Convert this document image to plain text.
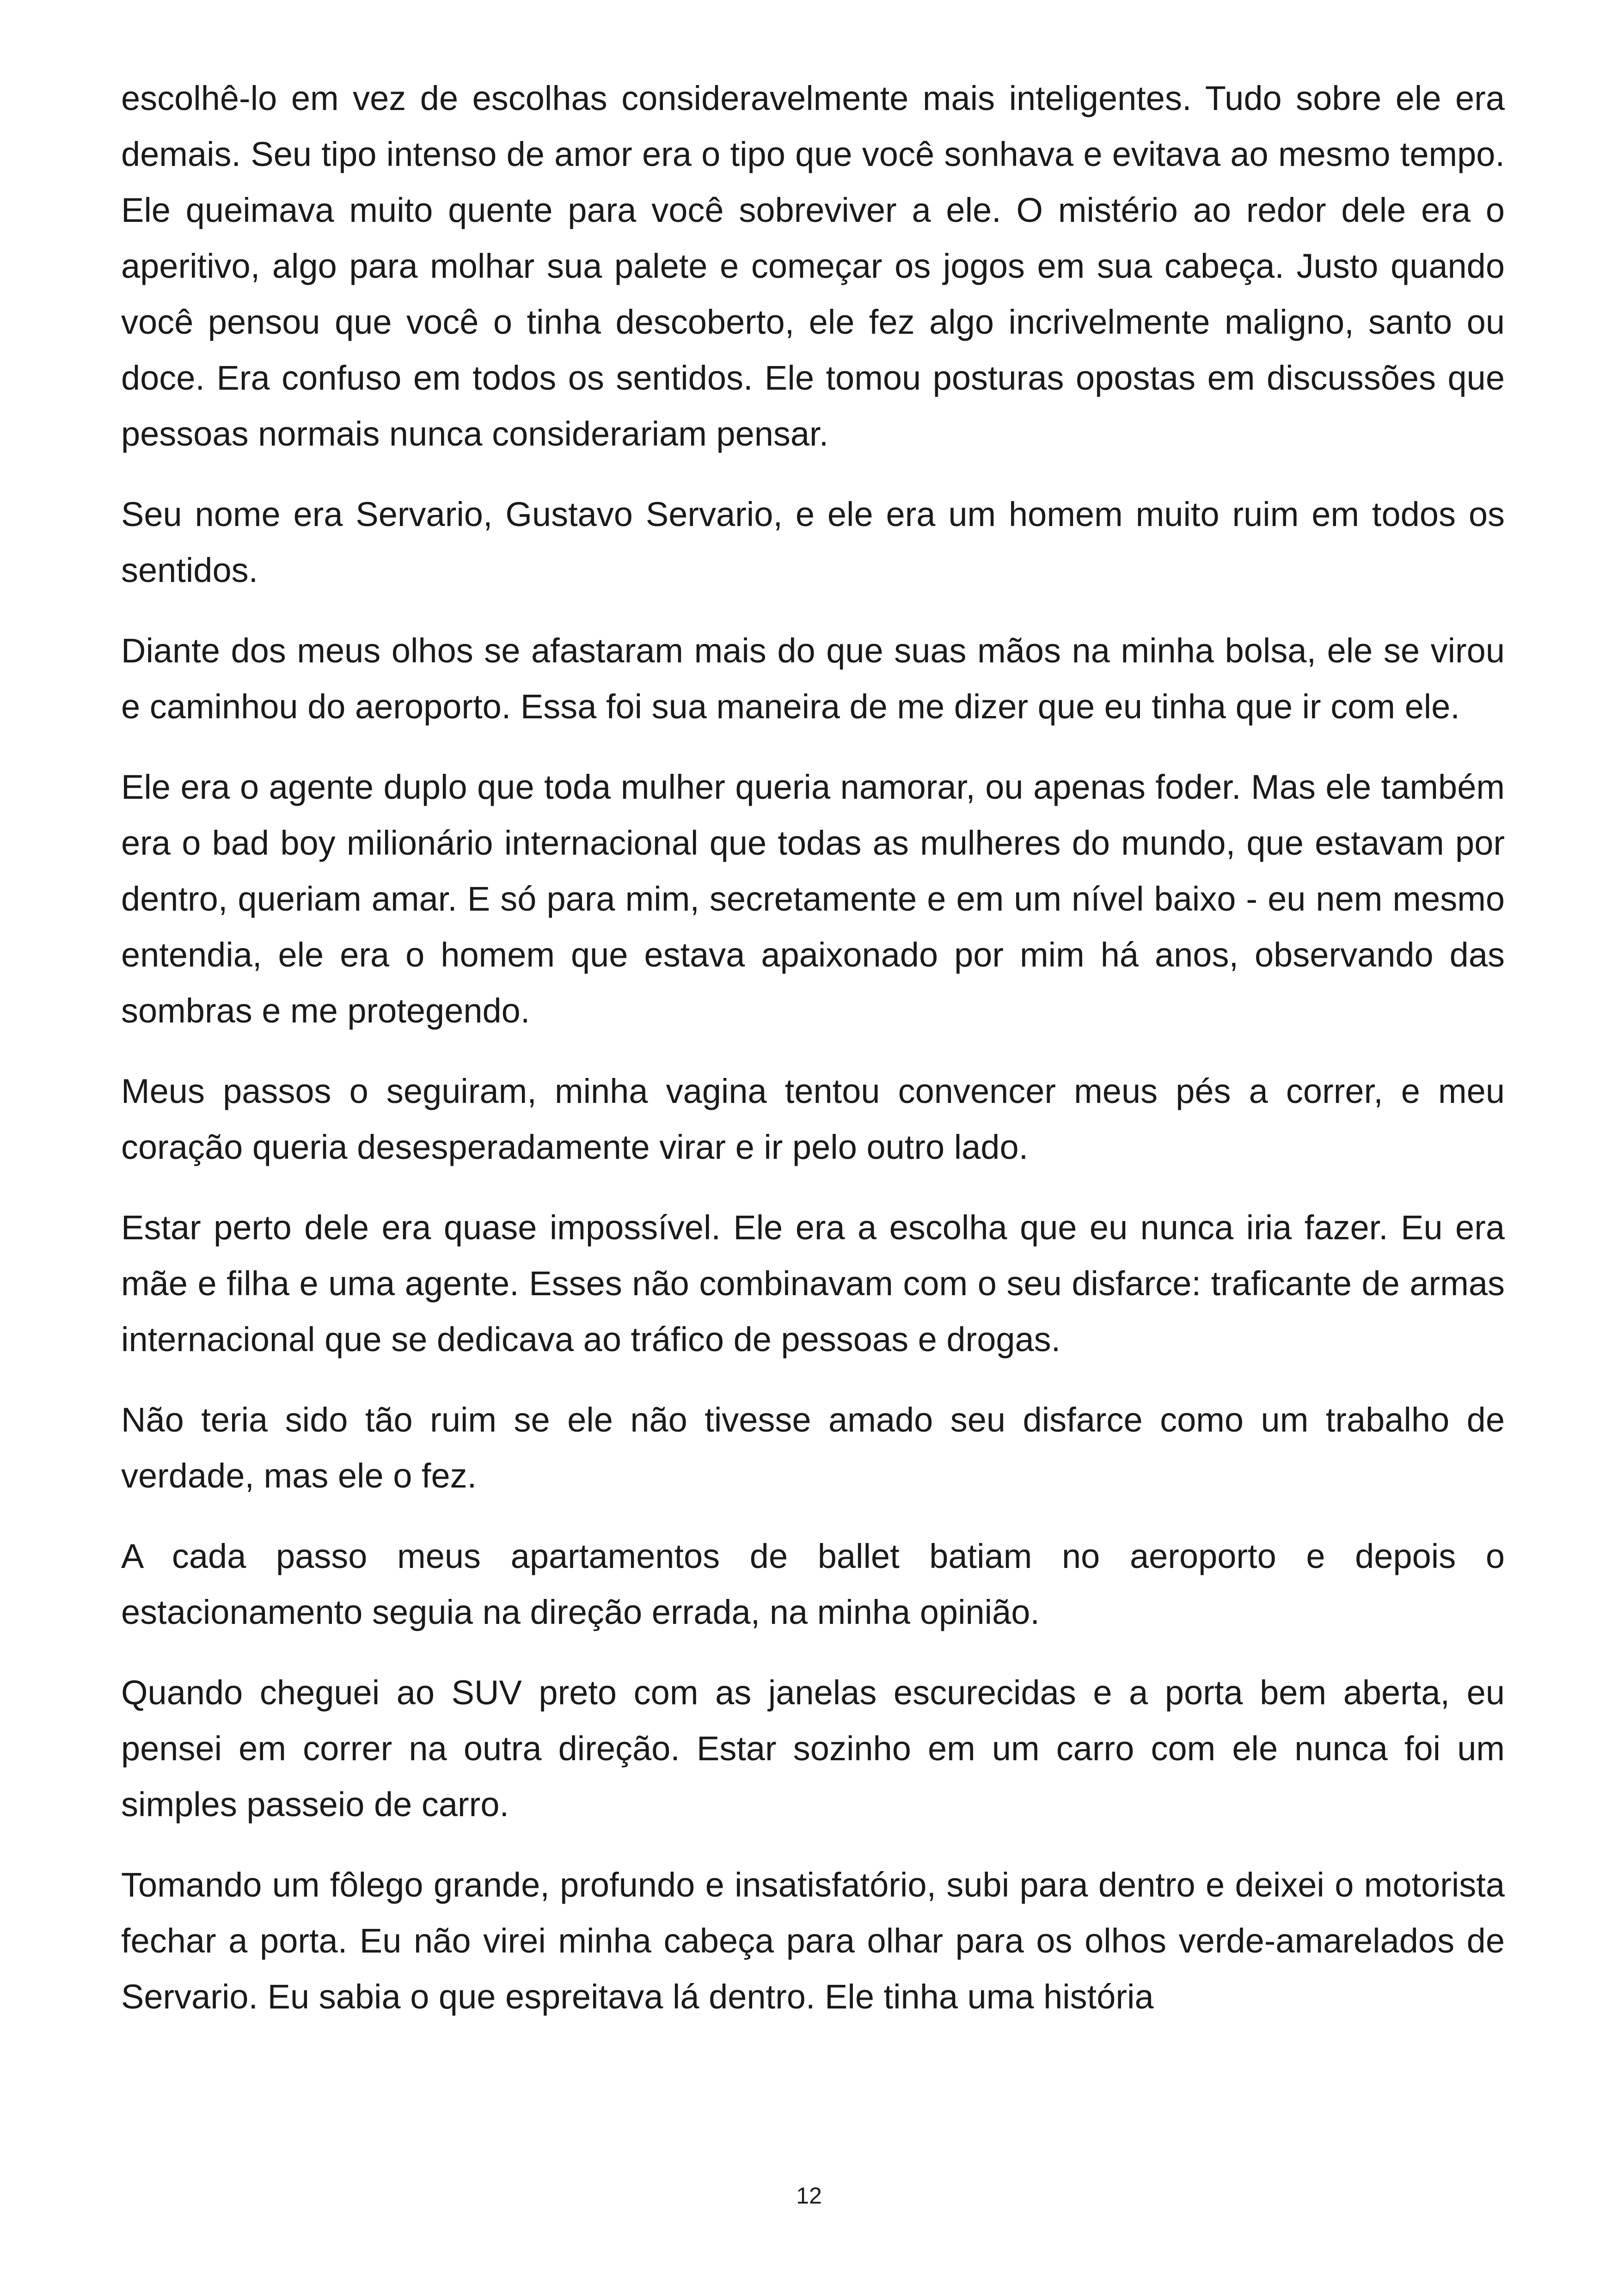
escolhê-lo em vez de escolhas consideravelmente mais inteligentes. Tudo sobre ele era demais. Seu tipo intenso de amor era o tipo que você sonhava e evitava ao mesmo tempo. Ele queimava muito quente para você sobreviver a ele. O mistério ao redor dele era o aperitivo, algo para molhar sua palete e começar os jogos em sua cabeça. Justo quando você pensou que você o tinha descoberto, ele fez algo incrivelmente maligno, santo ou doce. Era confuso em todos os sentidos. Ele tomou posturas opostas em discussões que pessoas normais nunca considerariam pensar.

Seu nome era Servario, Gustavo Servario, e ele era um homem muito ruim em todos os sentidos.

Diante dos meus olhos se afastaram mais do que suas mãos na minha bolsa, ele se virou e caminhou do aeroporto. Essa foi sua maneira de me dizer que eu tinha que ir com ele.

Ele era o agente duplo que toda mulher queria namorar, ou apenas foder. Mas ele também era o bad boy milionário internacional que todas as mulheres do mundo, que estavam por dentro, queriam amar. E só para mim, secretamente e em um nível baixo - eu nem mesmo entendia, ele era o homem que estava apaixonado por mim há anos, observando das sombras e me protegendo.

Meus passos o seguiram, minha vagina tentou convencer meus pés a correr, e meu coração queria desesperadamente virar e ir pelo outro lado.

Estar perto dele era quase impossível. Ele era a escolha que eu nunca iria fazer. Eu era mãe e filha e uma agente. Esses não combinavam com o seu disfarce: traficante de armas internacional que se dedicava ao tráfico de pessoas e drogas.

Não teria sido tão ruim se ele não tivesse amado seu disfarce como um trabalho de verdade, mas ele o fez.

A cada passo meus apartamentos de ballet batiam no aeroporto e depois o estacionamento seguia na direção errada, na minha opinião.

Quando cheguei ao SUV preto com as janelas escurecidas e a porta bem aberta, eu pensei em correr na outra direção. Estar sozinho em um carro com ele nunca foi um simples passeio de carro.

Tomando um fôlego grande, profundo e insatisfatório, subi para dentro e deixei o motorista fechar a porta. Eu não virei minha cabeça para olhar para os olhos verde-amarelados de Servario. Eu sabia o que espreitava lá dentro. Ele tinha uma história

12
